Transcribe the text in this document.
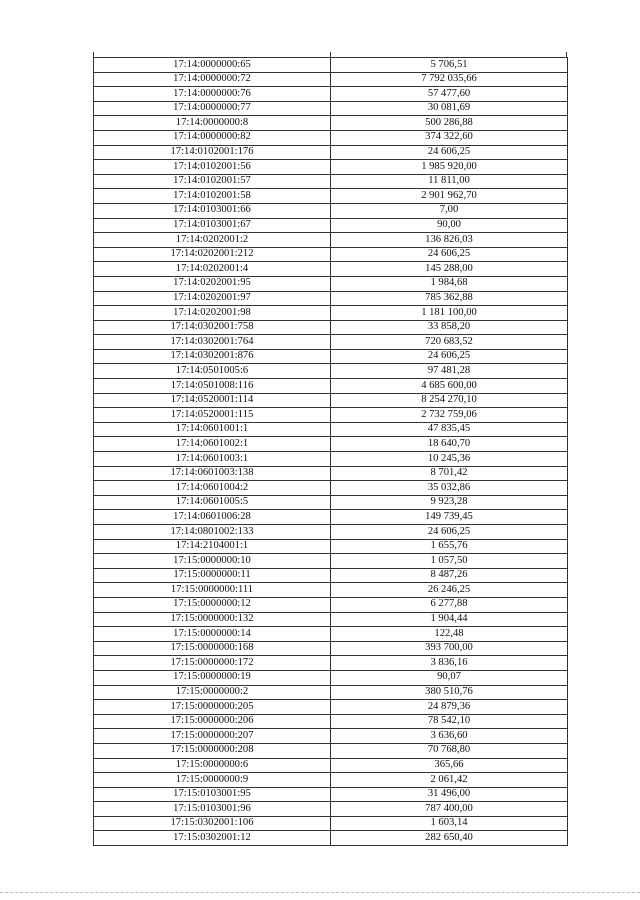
17:14:0000000:65	5 706,51
17:14:0000000:72	7 792 035,66
17:14:0000000:76	57 477,60
17:14:0000000:77	30 081,69
17:14:0000000:8	500 286,88
17:14:0000000:82	374 322,60
17:14:0102001:176	24 606,25
17:14:0102001:56	1 985 920,00
17:14:0102001:57	11 811,00
17:14:0102001:58	2 901 962,70
17:14:0103001:66	7,00
17:14:0103001:67	90,00
17:14:0202001:2	136 826,03
17:14:0202001:212	24 606,25
17:14:0202001:4	145 288,00
17:14:0202001:95	1 984,68
17:14:0202001:97	785 362,88
17:14:0202001:98	1 181 100,00
17:14:0302001:758	33 858,20
17:14:0302001:764	720 683,52
17:14:0302001:876	24 606,25
17:14:0501005:6	97 481,28
17:14:0501008:116	4 685 600,00
17:14:0520001:114	8 254 270,10
17:14:0520001:115	2 732 759,06
17:14:0601001:1	47 835,45
17:14:0601002:1	18 640,70
17:14:0601003:1	10 245,36
17:14:0601003:138	8 701,42
17:14:0601004:2	35 032,86
17:14:0601005:5	9 923,28
17:14:0601006:28	149 739,45
17:14:0801002:133	24 606,25
17:14:2104001:1	1 655,76
17:15:0000000:10	1 057,50
17:15:0000000:11	8 487,26
17:15:0000000:111	26 246,25
17:15:0000000:12	6 277,88
17:15:0000000:132	1 904,44
17:15:0000000:14	122,48
17:15:0000000:168	393 700,00
17:15:0000000:172	3 836,16
17:15:0000000:19	90,07
17:15:0000000:2	380 510,76
17:15:0000000:205	24 879,36
17:15:0000000:206	78 542,10
17:15:0000000:207	3 636,60
17:15:0000000:208	70 768,80
17:15:0000000:6	365,66
17:15:0000000:9	2 061,42
17:15:0103001:95	31 496,00
17:15:0103001:96	787 400,00
17:15:0302001:106	1 603,14
17:15:0302001:12	282 650,40
